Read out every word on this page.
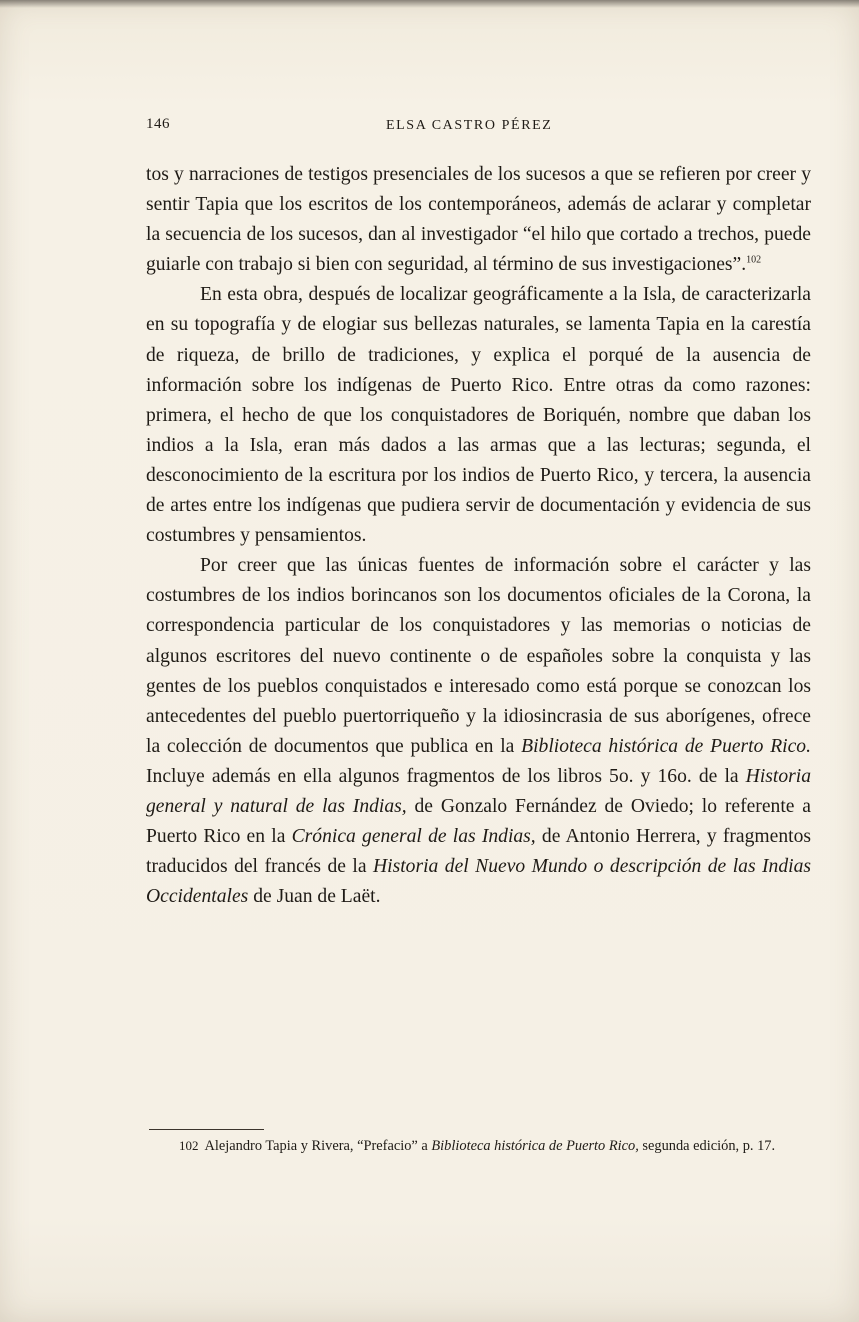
146	ELSA CASTRO PÉREZ

tos y narraciones de testigos presenciales de los sucesos a que se refieren por creer y sentir Tapia que los escritos de los contemporáneos, además de aclarar y completar la secuencia de los sucesos, dan al investigador “el hilo que cortado a trechos, puede guiarle con trabajo si bien con seguridad, al término de sus investigaciones”.$^{102}$

En esta obra, después de localizar geográficamente a la Isla, de caracterizarla en su topografía y de elogiar sus bellezas naturales, se lamenta Tapia en la carestía de riqueza, de brillo de tradiciones, y explica el porqué de la ausencia de información sobre los indígenas de Puerto Rico. Entre otras da como razones: primera, el hecho de que los conquistadores de Boriquén, nombre que daban los indios a la Isla, eran más dados a las armas que a las lecturas; segunda, el desconocimiento de la escritura por los indios de Puerto Rico, y tercera, la ausencia de artes entre los indígenas que pudiera servir de documentación y evidencia de sus costumbres y pensamientos.

Por creer que las únicas fuentes de información sobre el carácter y las costumbres de los indios borincanos son los documentos oficiales de la Corona, la correspondencia particular de los conquistadores y las memorias o noticias de algunos escritores del nuevo continente o de españoles sobre la conquista y las gentes de los pueblos conquistados e interesado como está porque se conozcan los antecedentes del pueblo puertorriqueño y la idiosincrasia de sus aborígenes, ofrece la colección de documentos que publica en la Biblioteca histórica de Puerto Rico. Incluye además en ella algunos fragmentos de los libros 5o. y 16o. de la Historia general y natural de las Indias, de Gonzalo Fernández de Oviedo; lo referente a Puerto Rico en la Crónica general de las Indias, de Antonio Herrera, y fragmentos traducidos del francés de la Historia del Nuevo Mundo o descripción de las Indias Occidentales de Juan de Laët.

102 Alejandro Tapia y Rivera, “Prefacio” a Biblioteca histórica de Puerto Rico, segunda edición, p. 17.
